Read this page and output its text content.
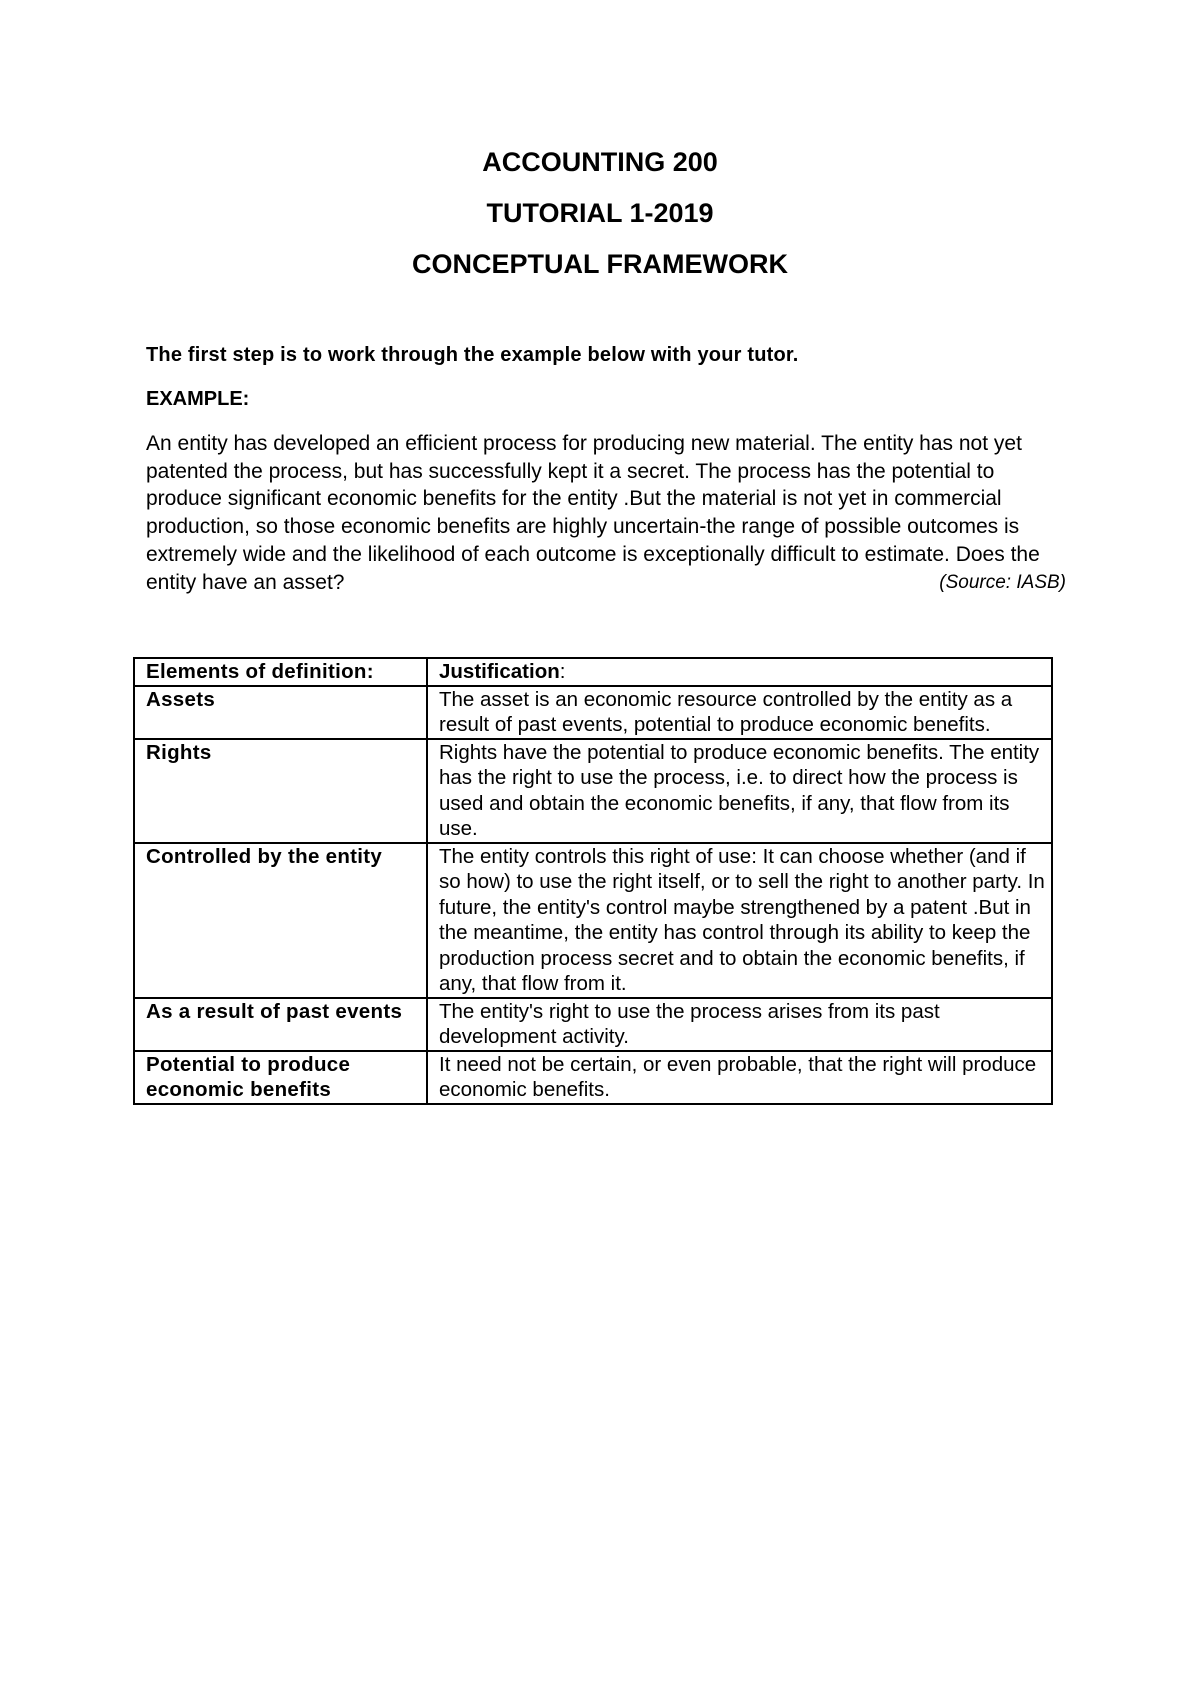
ACCOUNTING 200
TUTORIAL 1-2019
CONCEPTUAL FRAMEWORK
The first step is to work through the example below with your tutor.
EXAMPLE:

An entity has developed an efficient process for producing new material. The entity has not yet patented the process, but has successfully kept it a secret. The process has the potential to produce significant economic benefits for the entity .But the material is not yet in commercial production, so those economic benefits are highly uncertain-the range of possible outcomes is extremely wide and the likelihood of each outcome is exceptionally difficult to estimate. Does the entity have an asset?	(Source: IASB)
Elements of definition:	Justification:
Assets	The asset is an economic resource controlled by the entity as a result of past events, potential to produce economic benefits.
Rights	Rights have the potential to produce economic benefits. The entity has the right to use the process, i.e. to direct how the process is used and obtain the economic benefits, if any, that flow from its use.
Controlled by the entity	The entity controls this right of use: It can choose whether (and if so how) to use the right itself, or to sell the right to another party. In future, the entity's control maybe strengthened by a patent .But in the meantime, the entity has control through its ability to keep the production process secret and to obtain the economic benefits, if any, that flow from it.
As a result of past events	The entity's right to use the process arises from its past development activity.
Potential to produce economic benefits	It need not be certain, or even probable, that the right will produce economic benefits.
